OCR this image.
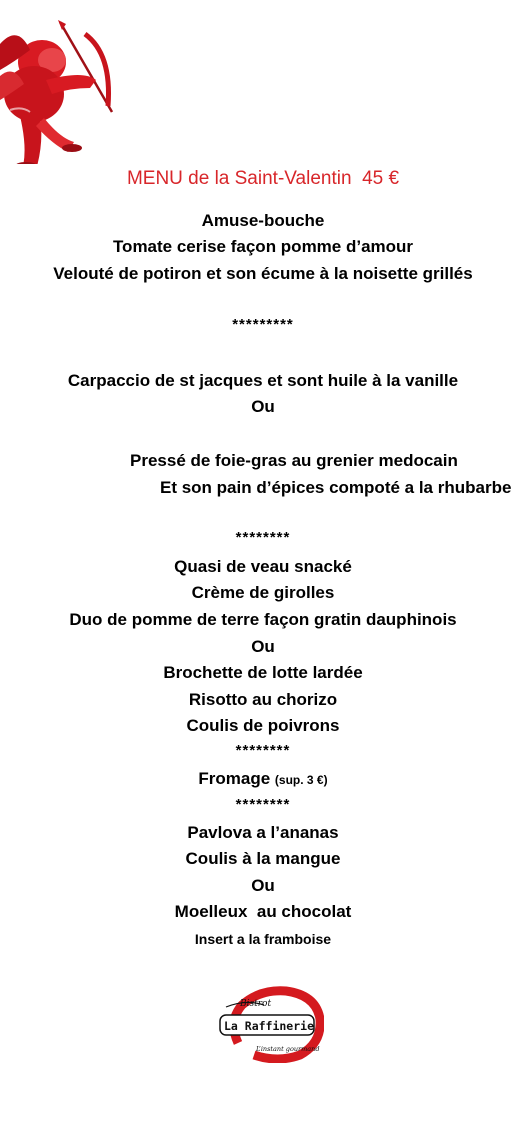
MENU de la Saint-Valentin  45 €
Amuse-bouche
Tomate cerise façon pomme d’amour
Velouté de potiron et son écume à la noisette grillés
*********
Carpaccio de st jacques et sont huile à la vanille
Ou
Pressé de foie-gras au grenier medocain
Et son pain d’épices compoté a la rhubarbe
********
Quasi de veau snacké
Crème de girolles
Duo de pomme de terre façon gratin dauphinois
Ou
Brochette de lotte lardée
Risotto au chorizo
Coulis de poivrons
********
Fromage (sup. 3 €)
********
Pavlova a l’ananas
Coulis à la mangue
Ou
Moelleux  au chocolat
Insert a la framboise
Bistrot
La Raffinerie
L’instant gourmand
